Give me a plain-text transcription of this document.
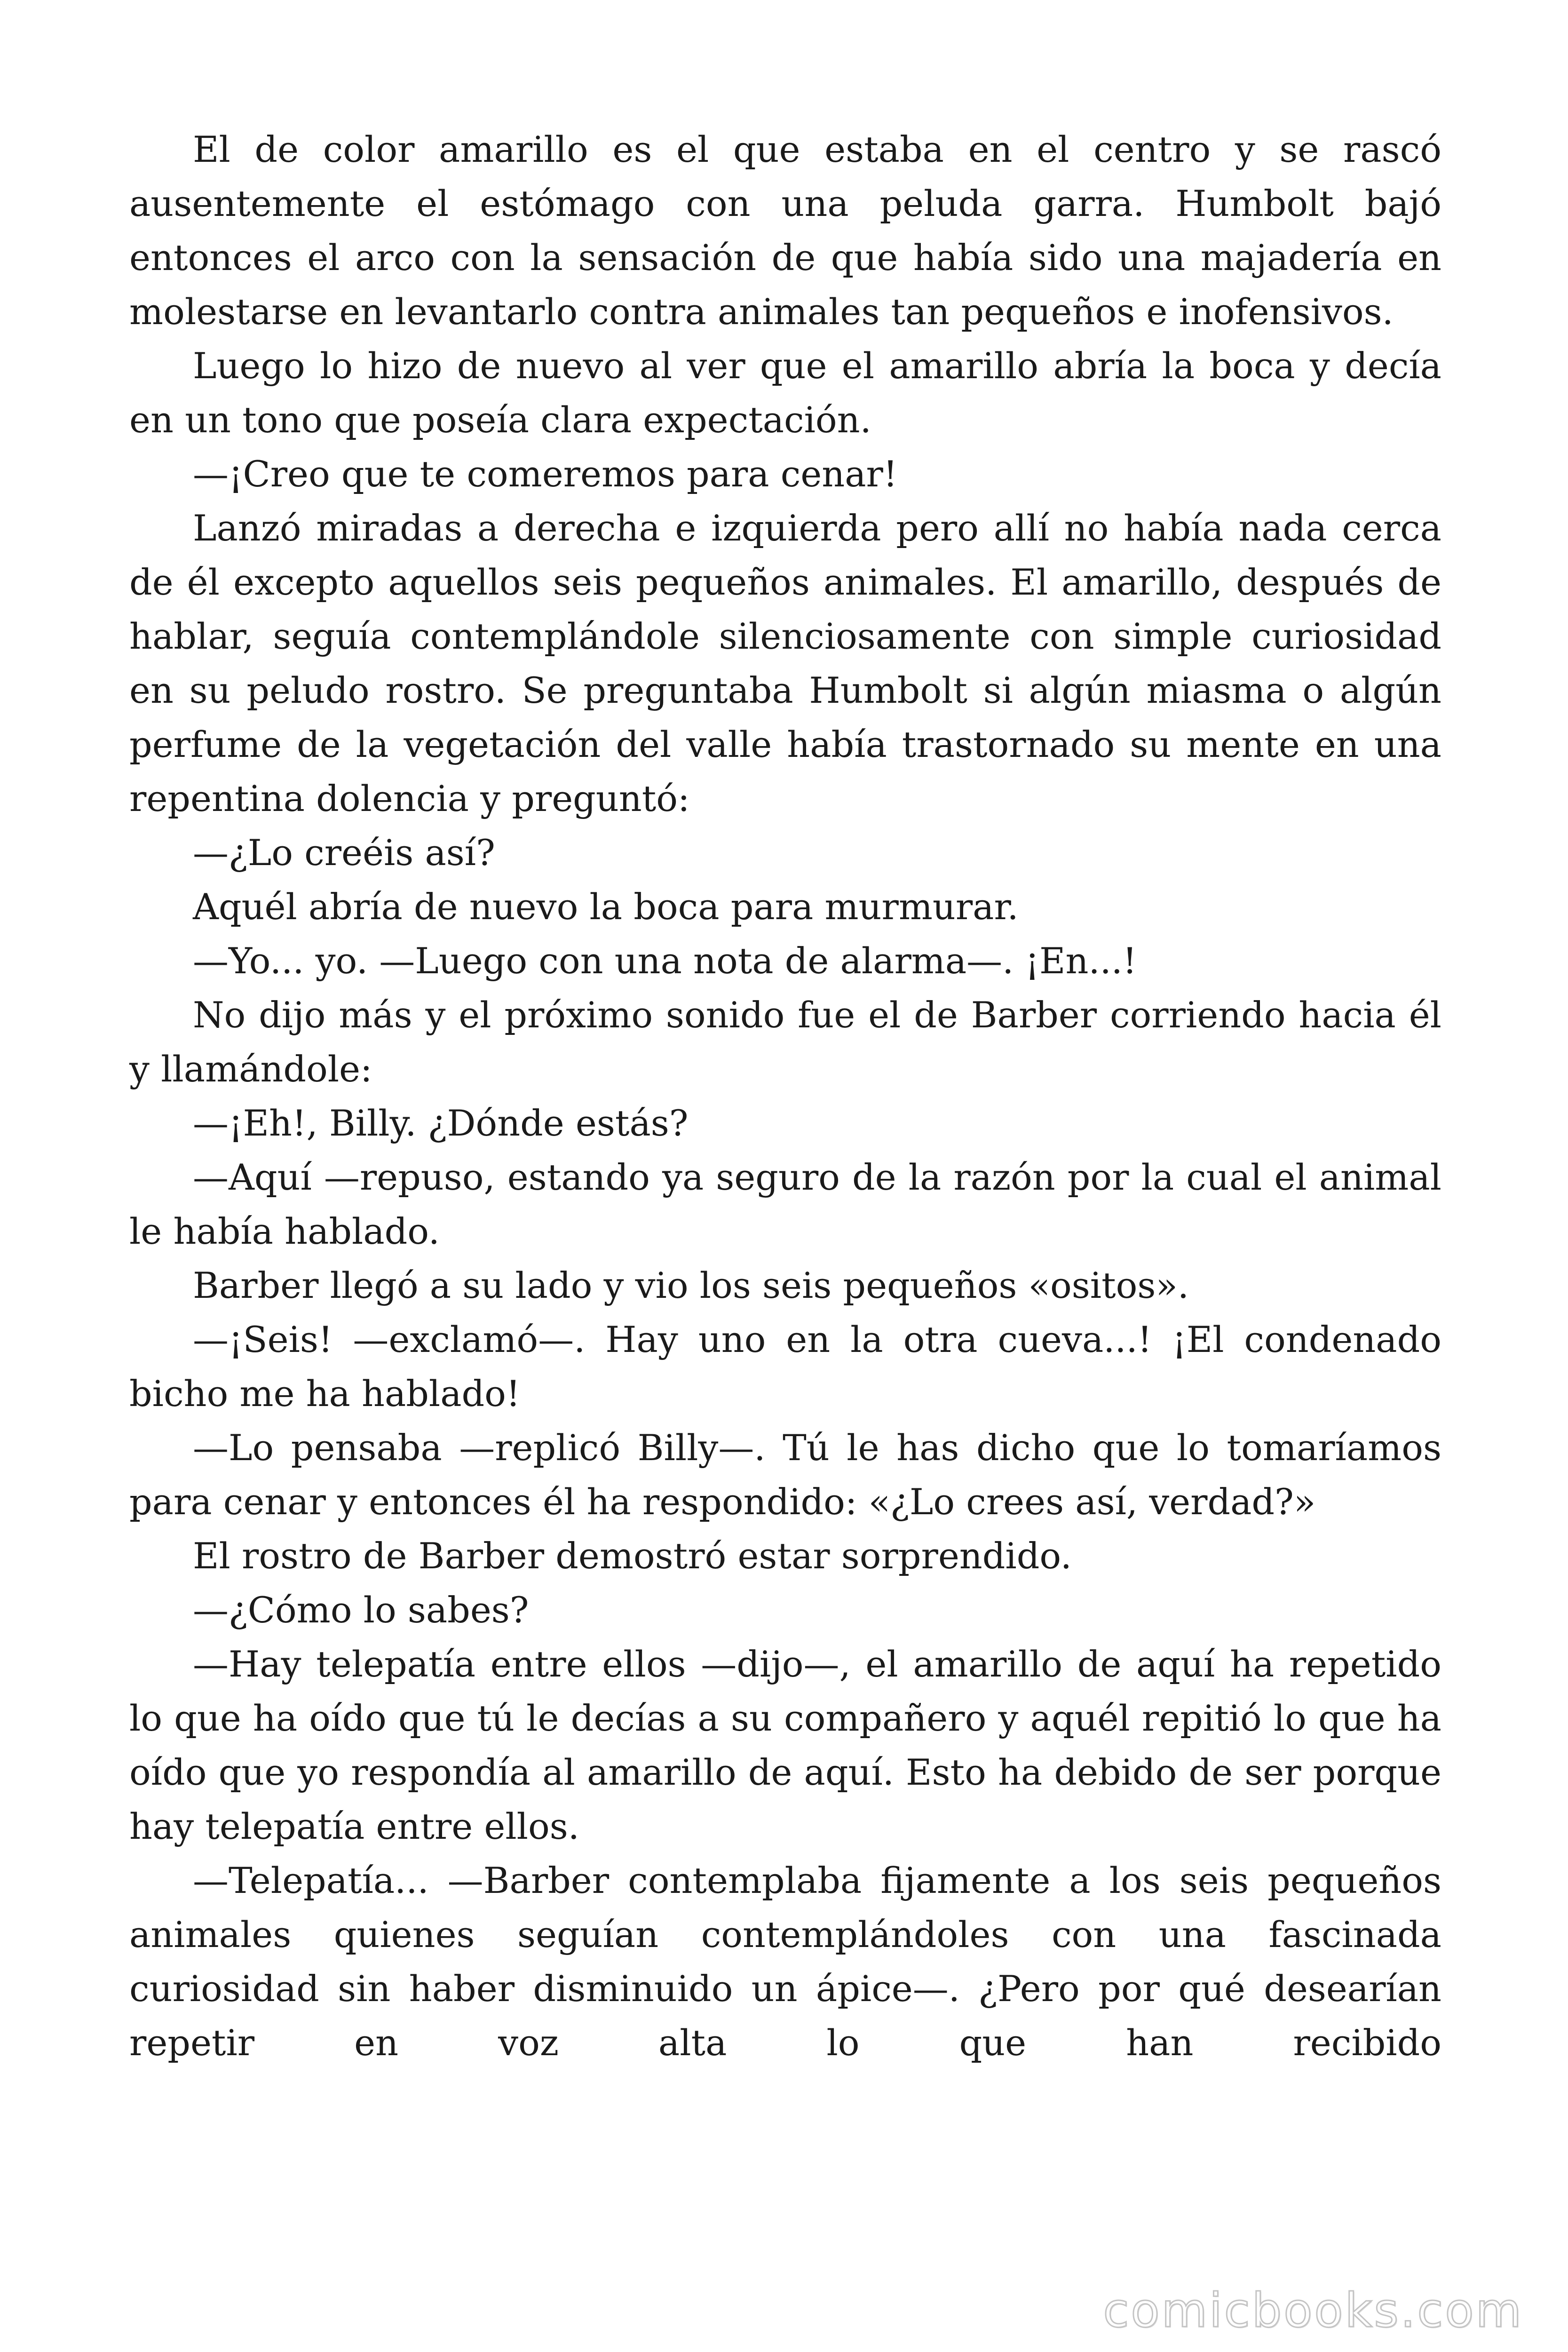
El de color amarillo es el que estaba en el centro y se rascó ausentemente el estómago con una peluda garra. Humbolt bajó entonces el arco con la sensación de que había sido una majadería en molestarse en levantarlo contra animales tan pequeños e inofensivos.

Luego lo hizo de nuevo al ver que el amarillo abría la boca y decía en un tono que poseía clara expectación.

—¡Creo que te comeremos para cenar!

Lanzó miradas a derecha e izquierda pero allí no había nada cerca de él excepto aquellos seis pequeños animales. El amarillo, después de hablar, seguía contemplándole silenciosamente con simple curiosidad en su peludo rostro. Se preguntaba Humbolt si algún miasma o algún perfume de la vegetación del valle había trastornado su mente en una repentina dolencia y preguntó:

—¿Lo creéis así?

Aquél abría de nuevo la boca para murmurar.

—Yo... yo. —Luego con una nota de alarma—. ¡En...!

No dijo más y el próximo sonido fue el de Barber corriendo hacia él y llamándole:

—¡Eh!, Billy. ¿Dónde estás?

—Aquí —repuso, estando ya seguro de la razón por la cual el animal le había hablado.

Barber llegó a su lado y vio los seis pequeños «ositos».

—¡Seis! —exclamó—. Hay uno en la otra cueva...! ¡El condenado bicho me ha hablado!

—Lo pensaba —replicó Billy—. Tú le has dicho que lo tomaríamos para cenar y entonces él ha respondido: «¿Lo crees así, verdad?»

El rostro de Barber demostró estar sorprendido.

—¿Cómo lo sabes?

—Hay telepatía entre ellos —dijo—, el amarillo de aquí ha repetido lo que ha oído que tú le decías a su compañero y aquél repitió lo que ha oído que yo respondía al amarillo de aquí. Esto ha debido de ser porque hay telepatía entre ellos.

—Telepatía... —Barber contemplaba fijamente a los seis pequeños animales quienes seguían contemplándoles con una fascinada curiosidad sin haber disminuido un ápice—. ¿Pero por qué desearían repetir en voz alta lo que han recibido

comicbooks.com
